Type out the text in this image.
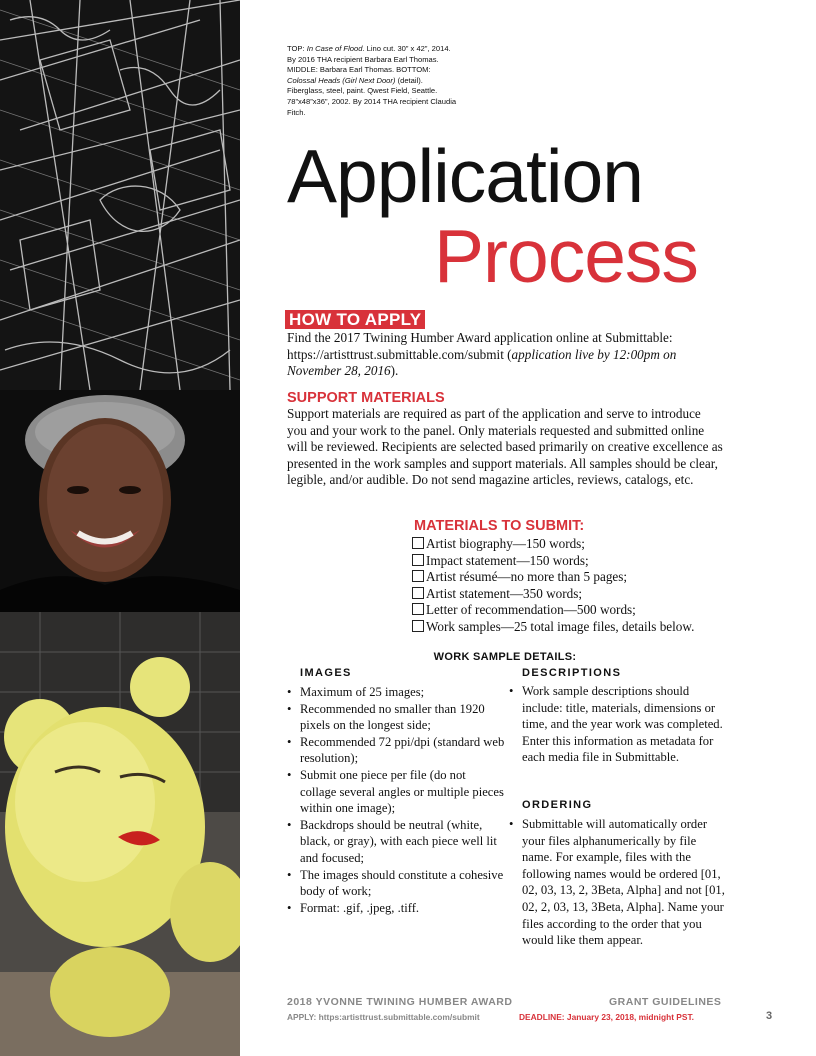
TOP: In Case of Flood. Lino cut. 30” x 42”, 2014. By 2016 THA recipient Barbara Earl Thomas. MIDDLE: Barbara Earl Thomas. BOTTOM: Colossal Heads (Girl Next Door) (detail). Fiberglass, steel, paint. Qwest Field, Seattle. 78”x48”x36”, 2002. By 2014 THA recipient Claudia Fitch.
Application
Process
HOW TO APPLY
Find the 2017 Twining Humber Award application online at Submittable: https://artisttrust.submittable.com/submit (application live by 12:00pm on November 28, 2016).
SUPPORT MATERIALS
Support materials are required as part of the application and serve to introduce you and your work to the panel. Only materials requested and submitted online will be reviewed. Recipients are selected based primarily on creative excellence as presented in the work samples and support materials. All samples should be clear, legible, and/or audible. Do not send magazine articles, reviews, catalogs, etc.
MATERIALS TO SUBMIT:
Artist biography—150 words;
Impact statement—150 words;
Artist résumé—no more than 5 pages;
Artist statement—350 words;
Letter of recommendation—500 words;
Work samples—25 total image files, details below.
WORK SAMPLE DETAILS:
IMAGES
• Maximum of 25 images;
• Recommended no smaller than 1920 pixels on the longest side;
• Recommended 72 ppi/dpi (standard web resolution);
• Submit one piece per file (do not collage several angles or multiple pieces within one image);
• Backdrops should be neutral (white, black, or gray), with each piece well lit and focused;
• The images should constitute a cohesive body of work;
• Format: .gif, .jpeg, .tiff.
DESCRIPTIONS
• Work sample descriptions should include: title, materials, dimensions or time, and the year work was completed. Enter this information as metadata for each media file in Submittable.
ORDERING
• Submittable will automatically order your files alphanumerically by file name. For example, files with the following names would be ordered [01, 02, 03, 13, 2, 3Beta, Alpha] and not [01, 02, 2, 03, 13, 3Beta, Alpha]. Name your files according to the order that you would like them appear.
2018 YVONNE TWINING HUMBER AWARD	GRANT GUIDELINES
APPLY: https:artisttrust.submittable.com/submit	DEADLINE: January 23, 2018, midnight PST.	3
